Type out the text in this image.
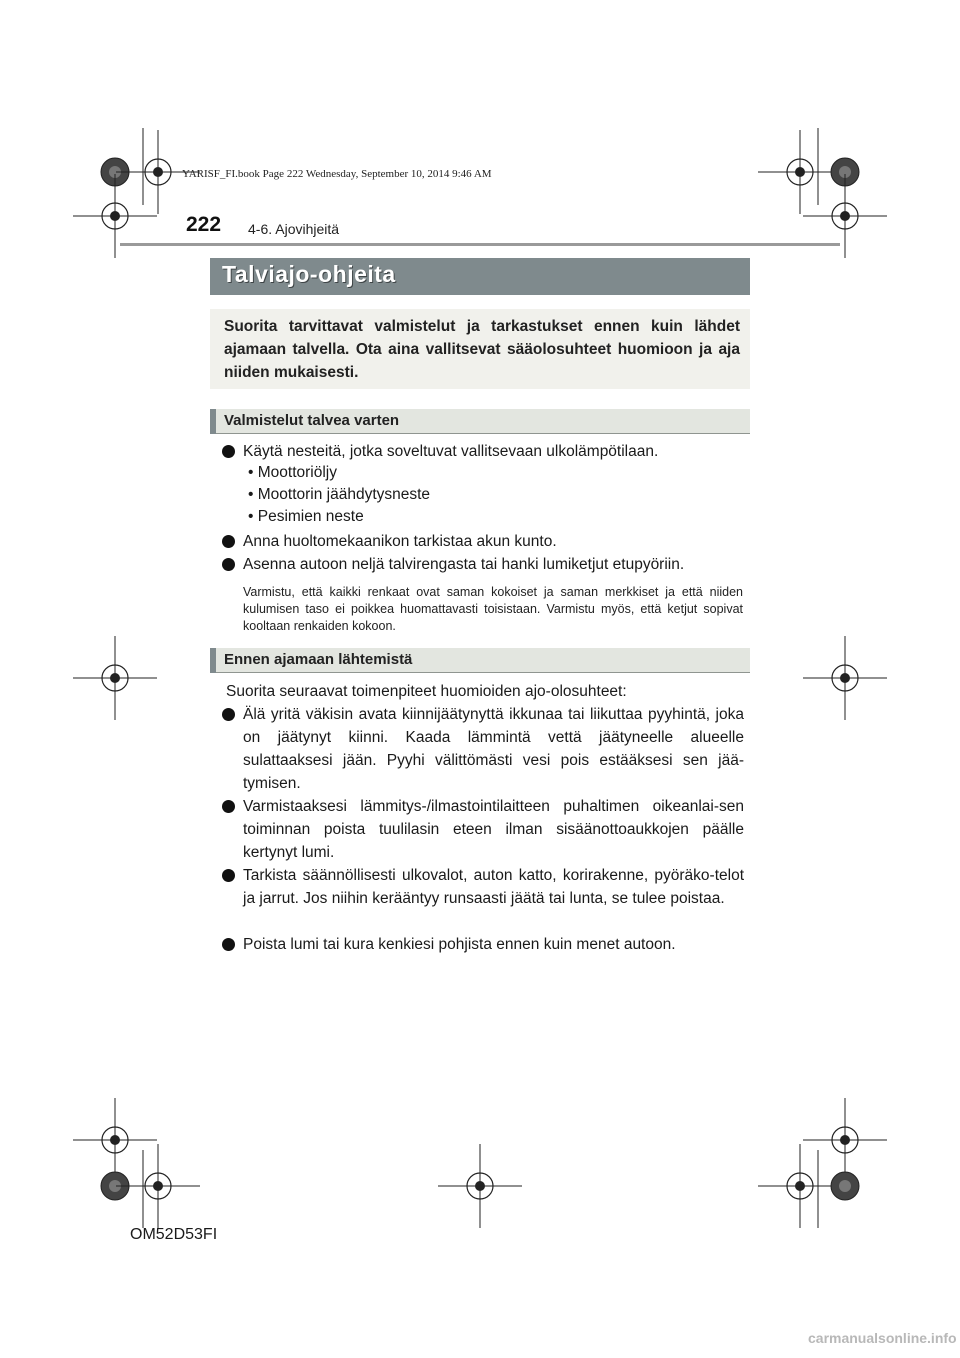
YARISF_FI.book Page 222 Wednesday, September 10, 2014 9:46 AM
222 4-6. Ajovihjeitä
Talviajo-ohjeita
Suorita tarvittavat valmistelut ja tarkastukset ennen kuin lähdet ajamaan talvella. Ota aina vallitsevat sääolosuhteet huomioon ja aja niiden mukaisesti.
Valmistelut talvea varten
Käytä nesteitä, jotka soveltuvat vallitsevaan ulkolämpötilaan.
• Moottoriöljy
• Moottorin jäähdytysneste
• Pesimien neste
Anna huoltomekaanikon tarkistaa akun kunto.
Asenna autoon neljä talvirengasta tai hanki lumiketjut etupyöriin.
Varmistu, että kaikki renkaat ovat saman kokoiset ja saman merkkiset ja että niiden kulumisen taso ei poikkea huomattavasti toisistaan. Varmistu myös, että ketjut sopivat kooltaan renkaiden kokoon.
Ennen ajamaan lähtemistä
Suorita seuraavat toimenpiteet huomioiden ajo-olosuhteet:
Älä yritä väkisin avata kiinnijäätynyttä ikkunaa tai liikuttaa pyyhintä, joka on jäätynyt kiinni. Kaada lämmintä vettä jäätyneelle alueelle sulattaaksesi jään. Pyyhi välittömästi vesi pois estääksesi sen jää-tymisen.
Varmistaaksesi lämmitys-/ilmastointilaitteen puhaltimen oikeanlai-sen toiminnan poista tuulilasin eteen ilman sisäänottoaukkojen päälle kertynyt lumi.
Tarkista säännöllisesti ulkovalot, auton katto, korirakenne, pyöräko-telot ja jarrut. Jos niihin kerääntyy runsaasti jäätä tai lunta, se tulee poistaa.
Poista lumi tai kura kenkiesi pohjista ennen kuin menet autoon.
OM52D53FI
carmanualsonline.info
